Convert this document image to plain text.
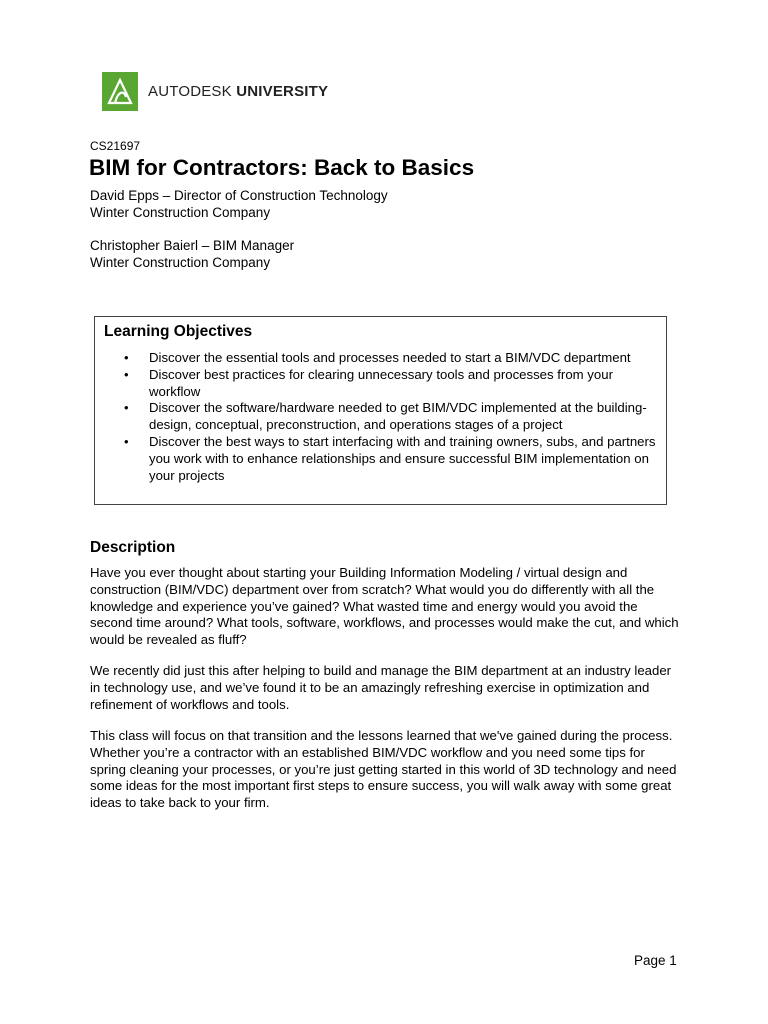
AUTODESK UNIVERSITY
CS21697
BIM for Contractors: Back to Basics
David Epps – Director of Construction Technology
Winter Construction Company
Christopher Baierl – BIM Manager
Winter Construction Company
Learning Objectives
• Discover the essential tools and processes needed to start a BIM/VDC department
• Discover best practices for clearing unnecessary tools and processes from your workflow
• Discover the software/hardware needed to get BIM/VDC implemented at the building-design, conceptual, preconstruction, and operations stages of a project
• Discover the best ways to start interfacing with and training owners, subs, and partners you work with to enhance relationships and ensure successful BIM implementation on your projects
Description

Have you ever thought about starting your Building Information Modeling / virtual design and construction (BIM/VDC) department over from scratch? What would you do differently with all the knowledge and experience you’ve gained? What wasted time and energy would you avoid the second time around? What tools, software, workflows, and processes would make the cut, and which would be revealed as fluff?

We recently did just this after helping to build and manage the BIM department at an industry leader in technology use, and we’ve found it to be an amazingly refreshing exercise in optimization and refinement of workflows and tools.

This class will focus on that transition and the lessons learned that we've gained during the process. Whether you’re a contractor with an established BIM/VDC workflow and you need some tips for spring cleaning your processes, or you’re just getting started in this world of 3D technology and need some ideas for the most important first steps to ensure success, you will walk away with some great ideas to take back to your firm.

Page 1
